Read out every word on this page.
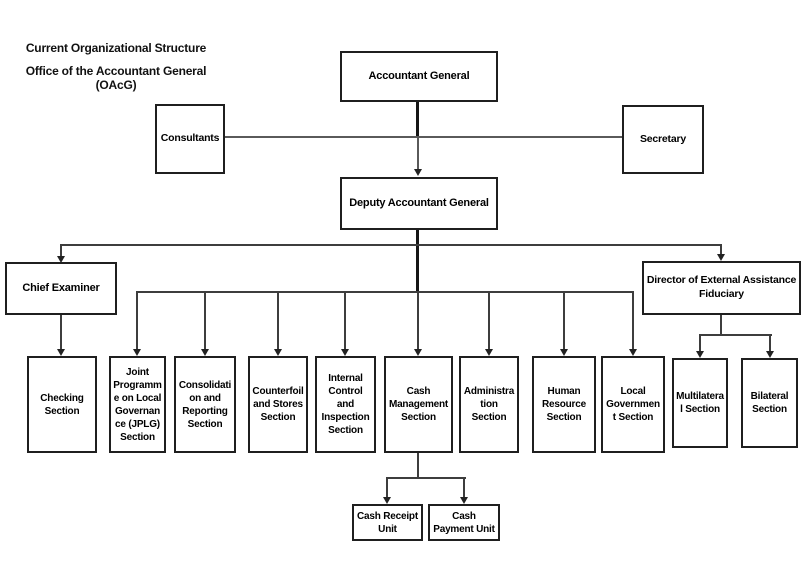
Current Organizational Structure
Office of the Accountant General (OAcG)
Accountant General
Consultants	Secretary
Deputy Accountant General
Chief Examiner
Director of External Assistance Fiduciary
Checking Section
Joint Programme on Local Governance (JPLG) Section
Consolidation and Reporting Section
Counterfoil and Stores Section
Internal Control and Inspection Section
Cash Management Section
Administration Section
Human Resource Section
Local Government Section
Multilateral Section
Bilateral Section
Cash Receipt Unit
Cash Payment Unit
